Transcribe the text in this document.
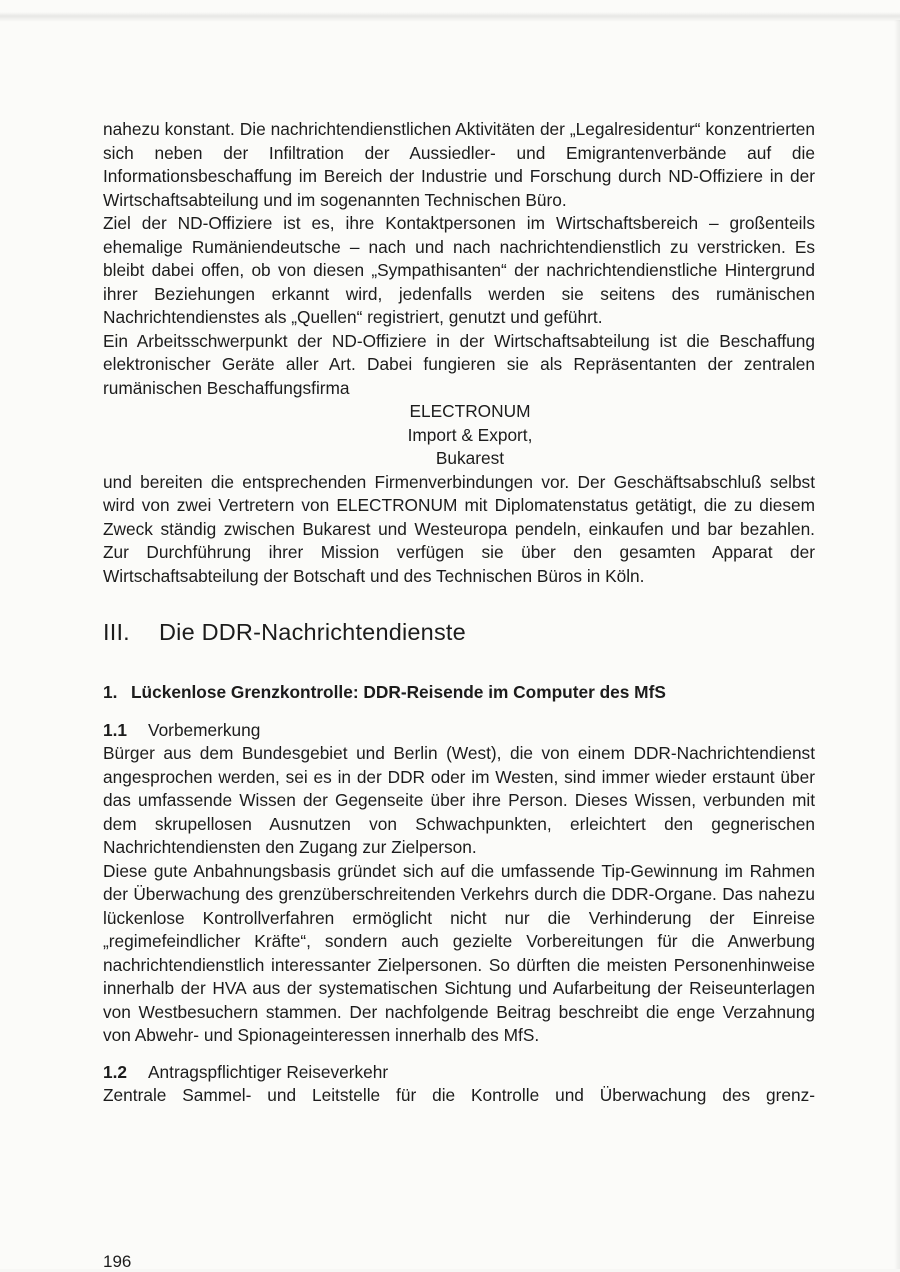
nahezu konstant. Die nachrichtendienstlichen Aktivitäten der „Legalresidentur“ konzentrierten sich neben der Infiltration der Aussiedler- und Emigrantenverbände auf die Informationsbeschaffung im Bereich der Industrie und Forschung durch ND-Offiziere in der Wirtschaftsabteilung und im sogenannten Technischen Büro.

Ziel der ND-Offiziere ist es, ihre Kontaktpersonen im Wirtschaftsbereich – großenteils ehemalige Rumäniendeutsche – nach und nach nachrichtendienstlich zu verstricken. Es bleibt dabei offen, ob von diesen „Sympathisanten“ der nachrichtendienstliche Hintergrund ihrer Beziehungen erkannt wird, jedenfalls werden sie seitens des rumänischen Nachrichtendienstes als „Quellen“ registriert, genutzt und geführt.

Ein Arbeitsschwerpunkt der ND-Offiziere in der Wirtschaftsabteilung ist die Beschaffung elektronischer Geräte aller Art. Dabei fungieren sie als Repräsentanten der zentralen rumänischen Beschaffungsfirma

ELECTRONUM

Import & Export,

Bukarest

und bereiten die entsprechenden Firmenverbindungen vor. Der Geschäftsabschluß selbst wird von zwei Vertretern von ELECTRONUM mit Diplomatenstatus getätigt, die zu diesem Zweck ständig zwischen Bukarest und Westeuropa pendeln, einkaufen und bar bezahlen. Zur Durchführung ihrer Mission verfügen sie über den gesamten Apparat der Wirtschaftsabteilung der Botschaft und des Technischen Büros in Köln.

III. Die DDR-Nachrichtendienste
1. Lückenlose Grenzkontrolle: DDR-Reisende im Computer des MfS
1.1 Vorbemerkung

Bürger aus dem Bundesgebiet und Berlin (West), die von einem DDR-Nachrichtendienst angesprochen werden, sei es in der DDR oder im Westen, sind immer wieder erstaunt über das umfassende Wissen der Gegenseite über ihre Person. Dieses Wissen, verbunden mit dem skrupellosen Ausnutzen von Schwachpunkten, erleichtert den gegnerischen Nachrichtendiensten den Zugang zur Zielperson.

Diese gute Anbahnungsbasis gründet sich auf die umfassende Tip-Gewinnung im Rahmen der Überwachung des grenzüberschreitenden Verkehrs durch die DDR-Organe. Das nahezu lückenlose Kontrollverfahren ermöglicht nicht nur die Verhinderung der Einreise „regimefeindlicher Kräfte“, sondern auch gezielte Vorbereitungen für die Anwerbung nachrichtendienstlich interessanter Zielpersonen. So dürften die meisten Personenhinweise innerhalb der HVA aus der systematischen Sichtung und Aufarbeitung der Reiseunterlagen von Westbesuchern stammen. Der nachfolgende Beitrag beschreibt die enge Verzahnung von Abwehr- und Spionageinteressen innerhalb des MfS.

1.2 Antragspflichtiger Reiseverkehr

Zentrale Sammel- und Leitstelle für die Kontrolle und Überwachung des grenz-

196
